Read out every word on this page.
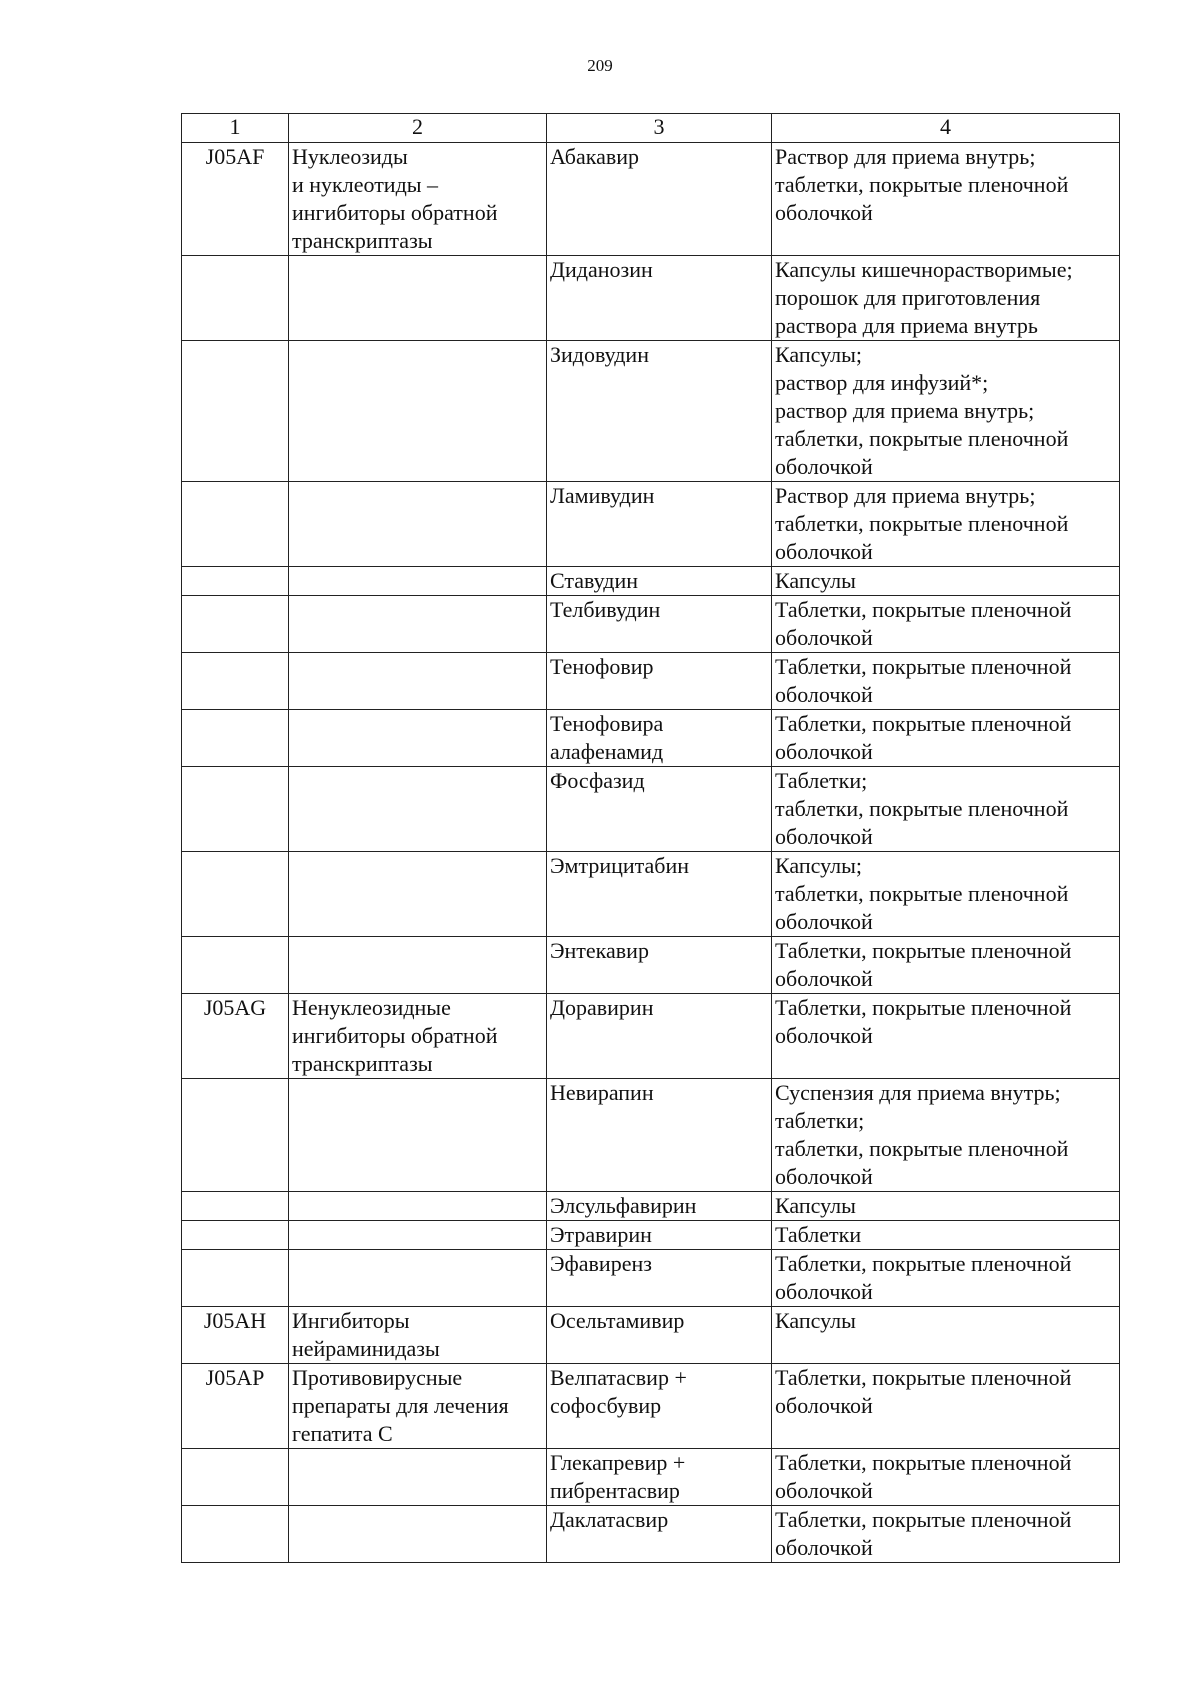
209
1	2	3	4
J05AF	Нуклеозиды
и нуклеотиды –
ингибиторы обратной
транскриптазы	Абакавир	Раствор для приема внутрь;
таблетки, покрытые пленочной
оболочкой
		Диданозин	Капсулы кишечнорастворимые;
порошок для приготовления
раствора для приема внутрь
		Зидовудин	Капсулы;
раствор для инфузий*;
раствор для приема внутрь;
таблетки, покрытые пленочной
оболочкой
		Ламивудин	Раствор для приема внутрь;
таблетки, покрытые пленочной
оболочкой
		Ставудин	Капсулы
		Телбивудин	Таблетки, покрытые пленочной
оболочкой
		Тенофовир	Таблетки, покрытые пленочной
оболочкой
		Тенофовира
алафенамид	Таблетки, покрытые пленочной
оболочкой
		Фосфазид	Таблетки;
таблетки, покрытые пленочной
оболочкой
		Эмтрицитабин	Капсулы;
таблетки, покрытые пленочной
оболочкой
		Энтекавир	Таблетки, покрытые пленочной
оболочкой
J05AG	Ненуклеозидные
ингибиторы обратной
транскриптазы	Доравирин	Таблетки, покрытые пленочной
оболочкой
		Невирапин	Суспензия для приема внутрь;
таблетки;
таблетки, покрытые пленочной
оболочкой
		Элсульфавирин	Капсулы
		Этравирин	Таблетки
		Эфавиренз	Таблетки, покрытые пленочной
оболочкой
J05AH	Ингибиторы
нейраминидазы	Осельтамивир	Капсулы
J05AP	Противовирусные
препараты для лечения
гепатита С	Велпатасвир +
софосбувир	Таблетки, покрытые пленочной
оболочкой
		Глекапревир +
пибрентасвир	Таблетки, покрытые пленочной
оболочкой
		Даклатасвир	Таблетки, покрытые пленочной
оболочкой
